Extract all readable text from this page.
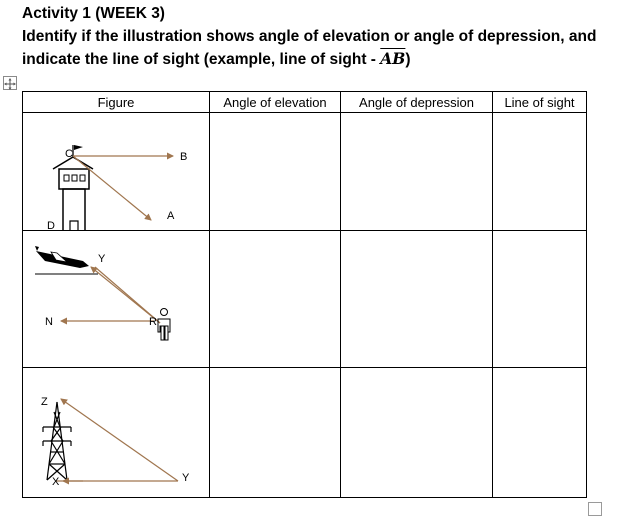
Activity 1 (WEEK 3)
Identify if the illustration shows angle of elevation or angle of depression, and indicate the line of sight (example, line of sight - $\overline{AB}$)
Figure	Angle of elevation	Angle of depression	Line of sight

C B
A
D			

Y
N R			

Z
X Y			
